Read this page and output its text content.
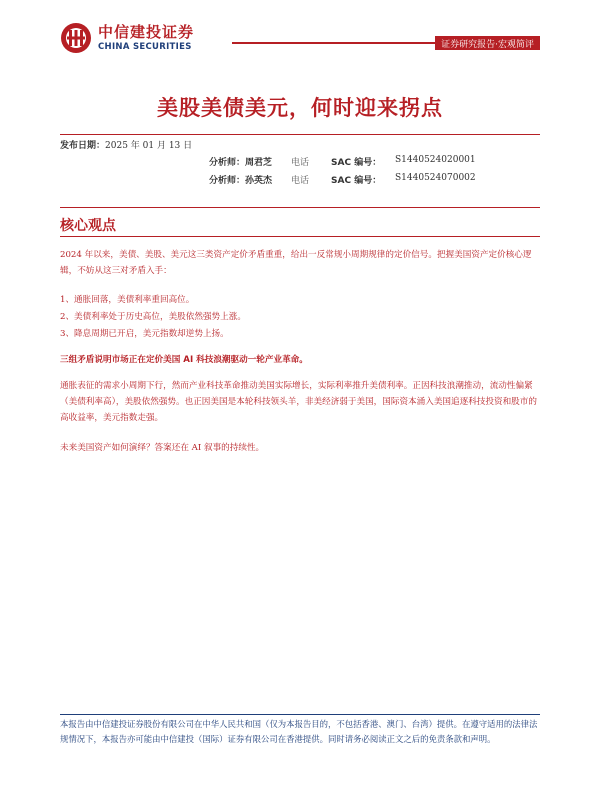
中信建投证券
CHINA SECURITIES	证券研究报告·宏观简评
美股美债美元，何时迎来拐点
发布日期：2025 年 01 月 13 日
分析师： 周君芝	电话	SAC 编号：	S1440524020001
分析师： 孙英杰	电话	SAC 编号：	S1440524070002
核心观点
2024 年以来，美债、美股、美元这三类资产定价矛盾重重，给出一反常规小周期规律的定价信号。把握美国资产定价核心逻辑，不妨从这三对矛盾入手：
1、通胀回落，美债利率重回高位。
2、美债利率处于历史高位，美股依然强势上涨。
3、降息周期已开启，美元指数却逆势上扬。
三组矛盾说明市场正在定价美国 AI 科技浪潮驱动一轮产业革命。
通胀表征的需求小周期下行，然而产业科技革命推动美国实际增长，实际利率推升美债利率。正因科技浪潮推动，流动性偏紧（美债利率高），美股依然强势。也正因美国是本轮科技领头羊，非美经济弱于美国，国际资本涌入美国追逐科技投资和股市的高收益率，美元指数走强。
未来美国资产如何演绎？答案还在 AI 叙事的持续性。
本报告由中信建投证券股份有限公司在中华人民共和国（仅为本报告目的，不包括香港、澳门、台湾）提供。在遵守适用的法律法规情况下，本报告亦可能由中信建投（国际）证券有限公司在香港提供。同时请务必阅读正文之后的免责条款和声明。
